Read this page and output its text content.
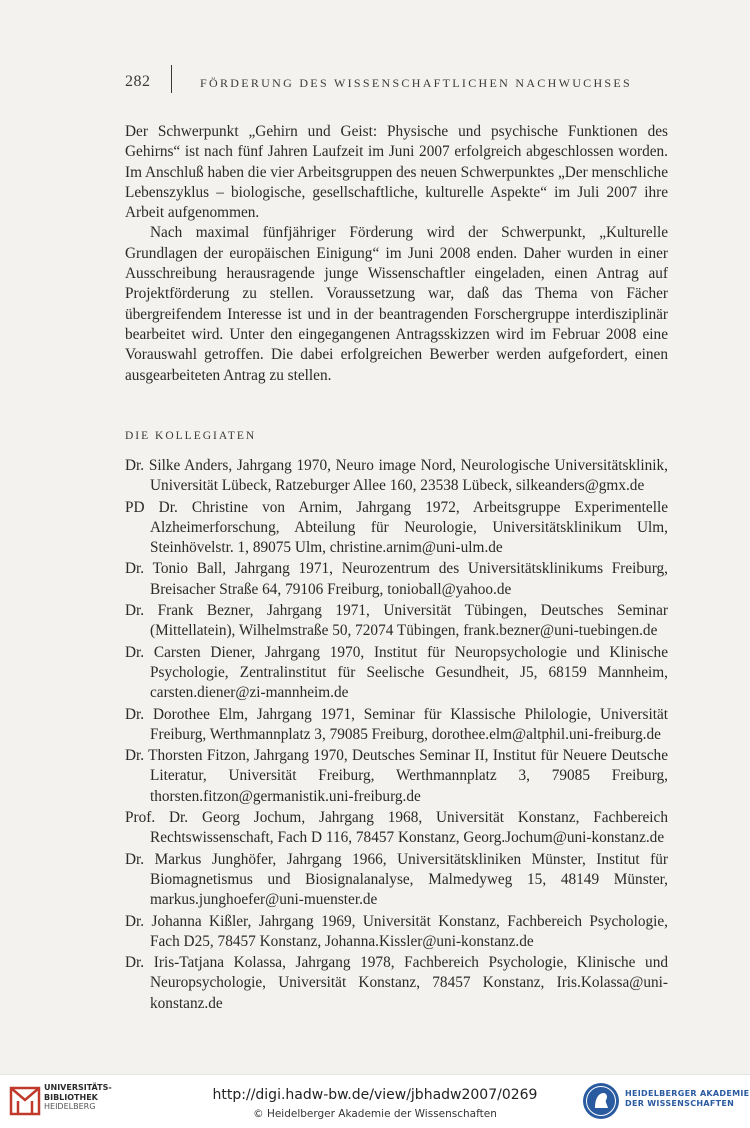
282	FÖRDERUNG DES WISSENSCHAFTLICHEN NACHWUCHSES

Der Schwerpunkt „Gehirn und Geist: Physische und psychische Funktionen des Gehirns“ ist nach fünf Jahren Laufzeit im Juni 2007 erfolgreich abgeschlossen worden. Im Anschluß haben die vier Arbeitsgruppen des neuen Schwerpunktes „Der menschliche Lebenszyklus – biologische, gesellschaftliche, kulturelle Aspekte“ im Juli 2007 ihre Arbeit aufgenommen.

Nach maximal fünfjähriger Förderung wird der Schwerpunkt, „Kulturelle Grundlagen der europäischen Einigung“ im Juni 2008 enden. Daher wurden in einer Ausschreibung herausragende junge Wissenschaftler eingeladen, einen Antrag auf Projektförderung zu stellen. Voraussetzung war, daß das Thema von Fächer übergreifendem Interesse ist und in der beantragenden Forschergruppe interdisziplinär bearbeitet wird. Unter den eingegangenen Antragsskizzen wird im Februar 2008 eine Vorauswahl getroffen. Die dabei erfolgreichen Bewerber werden aufgefordert, einen ausgearbeiteten Antrag zu stellen.

DIE KOLLEGIATEN

Dr. Silke Anders, Jahrgang 1970, Neuro image Nord, Neurologische Universitätsklinik, Universität Lübeck, Ratzeburger Allee 160, 23538 Lübeck, silkeanders@gmx.de

PD Dr. Christine von Arnim, Jahrgang 1972, Arbeitsgruppe Experimentelle Alzheimerforschung, Abteilung für Neurologie, Universitätsklinikum Ulm, Steinhövelstr. 1, 89075 Ulm, christine.arnim@uni-ulm.de

Dr. Tonio Ball, Jahrgang 1971, Neurozentrum des Universitätsklinikums Freiburg, Breisacher Straße 64, 79106 Freiburg, tonioball@yahoo.de

Dr. Frank Bezner, Jahrgang 1971, Universität Tübingen, Deutsches Seminar (Mittellatein), Wilhelmstraße 50, 72074 Tübingen, frank.bezner@uni-tuebingen.de

Dr. Carsten Diener, Jahrgang 1970, Institut für Neuropsychologie und Klinische Psychologie, Zentralinstitut für Seelische Gesundheit, J5, 68159 Mannheim, carsten.diener@zi-mannheim.de

Dr. Dorothee Elm, Jahrgang 1971, Seminar für Klassische Philologie, Universität Freiburg, Werthmannplatz 3, 79085 Freiburg, dorothee.elm@altphil.uni-freiburg.de

Dr. Thorsten Fitzon, Jahrgang 1970, Deutsches Seminar II, Institut für Neuere Deutsche Literatur, Universität Freiburg, Werthmannplatz 3, 79085 Freiburg, thorsten.fitzon@germanistik.uni-freiburg.de

Prof. Dr. Georg Jochum, Jahrgang 1968, Universität Konstanz, Fachbereich Rechtswissenschaft, Fach D 116, 78457 Konstanz, Georg.Jochum@uni-konstanz.de

Dr. Markus Junghöfer, Jahrgang 1966, Universitätskliniken Münster, Institut für Biomagnetismus und Biosignalanalyse, Malmedyweg 15, 48149 Münster, markus.junghoefer@uni-muenster.de

Dr. Johanna Kißler, Jahrgang 1969, Universität Konstanz, Fachbereich Psychologie, Fach D25, 78457 Konstanz, Johanna.Kissler@uni-konstanz.de

Dr. Iris-Tatjana Kolassa, Jahrgang 1978, Fachbereich Psychologie, Klinische und Neuropsychologie, Universität Konstanz, 78457 Konstanz, Iris.Kolassa@uni-konstanz.de

UNIVERSITÄTS-
BIBLIOTHEK
HEIDELBERG
http://digi.hadw-bw.de/view/jbhadw2007/0269
© Heidelberger Akademie der Wissenschaften
HEIDELBERGER AKADEMIE
DER WISSENSCHAFTEN
